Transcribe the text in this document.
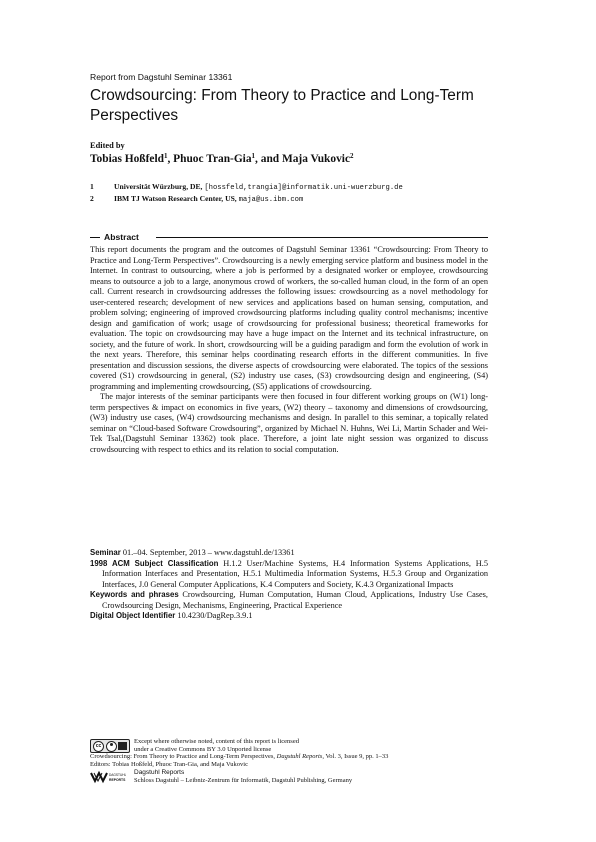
Report from Dagstuhl Seminar 13361
Crowdsourcing: From Theory to Practice and Long-Term Perspectives
Edited by
Tobias Hoßfeld$^1$, Phuoc Tran-Gia$^1$, and Maja Vukovic$^2$
1	Universität Würzburg, DE, [hossfeld,trangia]@informatik.uni-wuerzburg.de
2	IBM TJ Watson Research Center, US, maja@us.ibm.com
Abstract

This report documents the program and the outcomes of Dagstuhl Seminar 13361 “Crowdsourcing: From Theory to Practice and Long-Term Perspectives”. Crowdsourcing is a newly emerging service platform and business model in the Internet. In contrast to outsourcing, where a job is performed by a designated worker or employee, crowdsourcing means to outsource a job to a large, anonymous crowd of workers, the so-called human cloud, in the form of an open call. Current research in crowdsourcing addresses the following issues: crowdsourcing as a novel methodology for user-centered research; development of new services and applications based on human sensing, computation, and problem solving; engineering of improved crowdsourcing platforms including quality control mechanisms; incentive design and gamification of work; usage of crowdsourcing for professional business; theoretical frameworks for evaluation. The topic on crowdsourcing may have a huge impact on the Internet and its technical infrastructure, on society, and the future of work. In short, crowdsourcing will be a guiding paradigm and form the evolution of work in the next years. Therefore, this seminar helps coordinating research efforts in the different communities. In five presentation and discussion sessions, the diverse aspects of crowdsourcing were elaborated. The topics of the sessions covered (S1) crowdsourcing in general, (S2) industry use cases, (S3) crowdsourcing design and engineering, (S4) programming and implementing crowdsourcing, (S5) applications of crowdsourcing.

The major interests of the seminar participants were then focused in four different working groups on (W1) long-term perspectives & impact on economics in five years, (W2) theory – taxonomy and dimensions of crowdsourcing, (W3) industry use cases, (W4) crowdsourcing mechanisms and design. In parallel to this seminar, a topically related seminar on “Cloud-based Software Crowdsouring”, organized by Michael N. Huhns, Wei Li, Martin Schader and Wei-Tek Tsal,(Dagstuhl Seminar 13362) took place. Therefore, a joint late night session was organized to discuss crowdsourcing with respect to ethics and its relation to social computation.

Seminar 01.–04. September, 2013 – www.dagstuhl.de/13361
1998 ACM Subject Classification H.1.2 User/Machine Systems, H.4 Information Systems Applications, H.5 Information Interfaces and Presentation, H.5.1 Multimedia Information Systems, H.5.3 Group and Organization Interfaces, J.0 General Computer Applications, K.4 Computers and Society, K.4.3 Organizational Impacts
Keywords and phrases Crowdsourcing, Human Computation, Human Cloud, Applications, Industry Use Cases, Crowdsourcing Design, Mechanisms, Engineering, Practical Experience
Digital Object Identifier 10.4230/DagRep.3.9.1
cc
Except where otherwise noted, content of this report is licensed
under a Creative Commons BY 3.0 Unported license
Crowdsourcing: From Theory to Practice and Long-Term Perspectives, Dagstuhl Reports, Vol. 3, Issue 9, pp. 1–33
Editors: Tobias Hoßfeld, Phuoc Tran-Gia, and Maja Vukovic
DAGSTUHL
REPORTS
Dagstuhl Reports
Schloss Dagstuhl – Leibniz-Zentrum für Informatik, Dagstuhl Publishing, Germany
